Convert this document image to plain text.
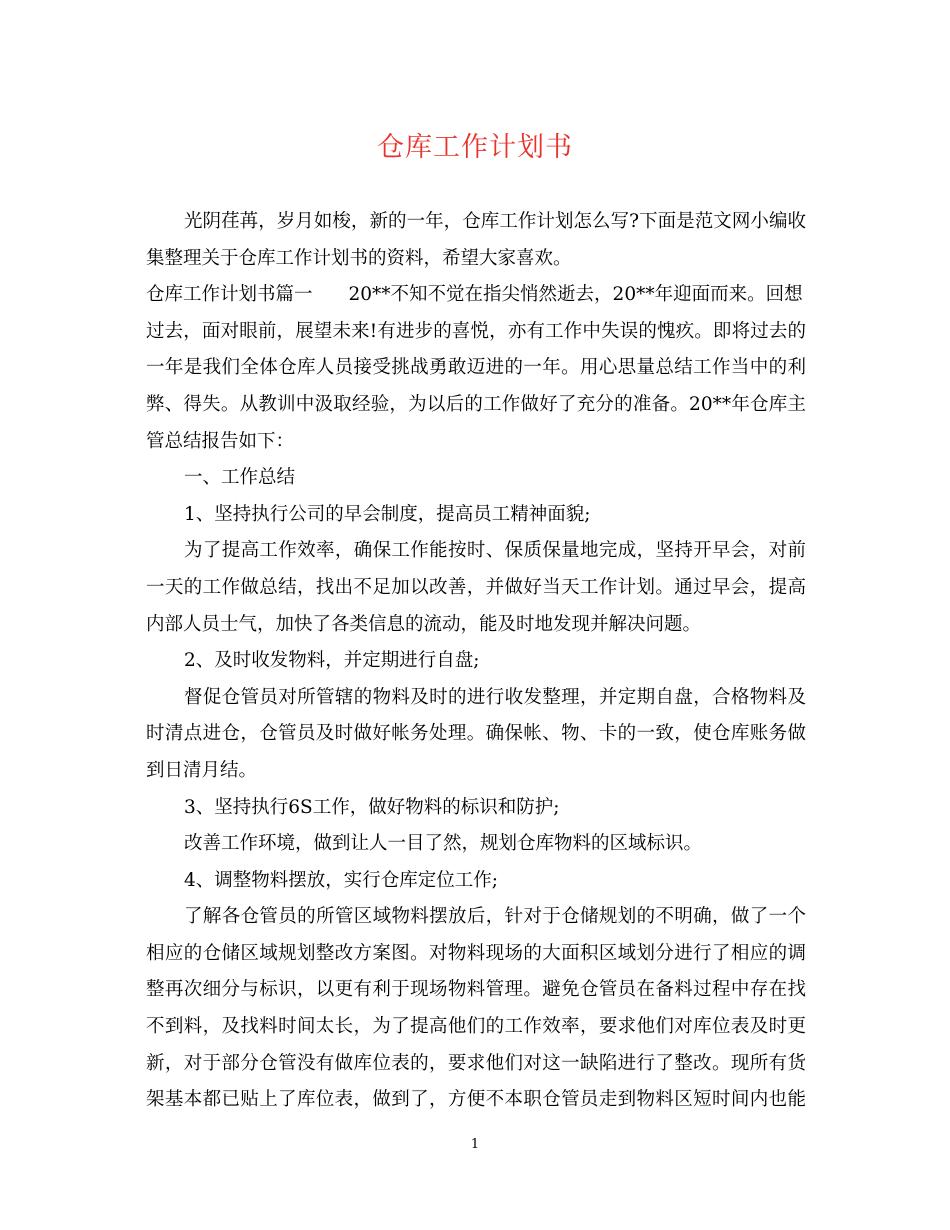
仓库工作计划书
光阴荏苒，岁月如梭，新的一年，仓库工作计划怎么写?下面是范文网小编收
集整理关于仓库工作计划书的资料，希望大家喜欢。
仓库工作计划书篇一 20**不知不觉在指尖悄然逝去，20**年迎面而来。回想
过去，面对眼前，展望未来!有进步的喜悦，亦有工作中失误的愧疚。即将过去的
一年是我们全体仓库人员接受挑战勇敢迈进的一年。用心思量总结工作当中的利
弊、得失。从教训中汲取经验，为以后的工作做好了充分的准备。20**年仓库主
管总结报告如下：
一、工作总结
1、坚持执行公司的早会制度，提高员工精神面貌;
为了提高工作效率，确保工作能按时、保质保量地完成，坚持开早会，对前
一天的工作做总结，找出不足加以改善，并做好当天工作计划。通过早会，提高
内部人员士气，加快了各类信息的流动，能及时地发现并解决问题。
2、及时收发物料，并定期进行自盘;
督促仓管员对所管辖的物料及时的进行收发整理，并定期自盘，合格物料及
时清点进仓，仓管员及时做好帐务处理。确保帐、物、卡的一致，使仓库账务做
到日清月结。
3、坚持执行6S工作，做好物料的标识和防护;
改善工作环境，做到让人一目了然，规划仓库物料的区域标识。
4、调整物料摆放，实行仓库定位工作;
了解各仓管员的所管区域物料摆放后，针对于仓储规划的不明确，做了一个
相应的仓储区域规划整改方案图。对物料现场的大面积区域划分进行了相应的调
整再次细分与标识，以更有利于现场物料管理。避免仓管员在备料过程中存在找
不到料，及找料时间太长，为了提高他们的工作效率，要求他们对库位表及时更
新，对于部分仓管没有做库位表的，要求他们对这一缺陷进行了整改。现所有货
架基本都已贴上了库位表，做到了，方便不本职仓管员走到物料区短时间内也能
1
